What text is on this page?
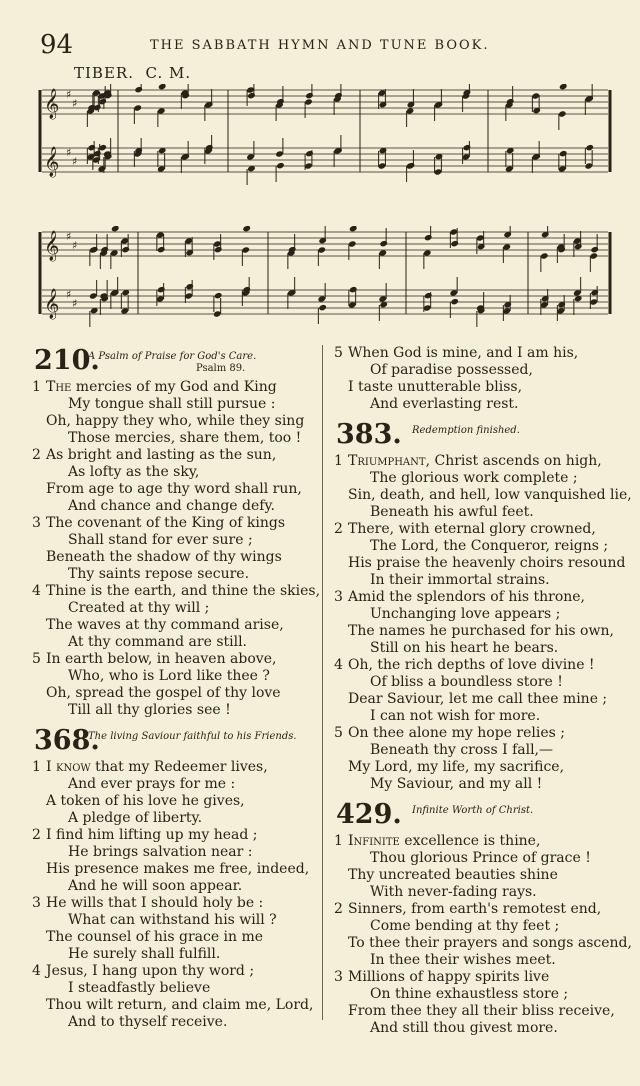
94	THE SABBATH HYMN AND TUNE BOOK.
TIBER. C. M.
𝄞 ♯
♯
𝄞 ♯
♯
𝄞 ♯
♯
𝄞 ♯
♯
210.
A Psalm of Praise for God's Care.
Psalm 89.
1 The mercies of my God and King
My tongue shall still pursue :
Oh, happy they who, while they sing
Those mercies, share them, too !
2 As bright and lasting as the sun,
As lofty as the sky,
From age to age thy word shall run,
And chance and change defy.
3 The covenant of the King of kings
Shall stand for ever sure ;
Beneath the shadow of thy wings
Thy saints repose secure.
4 Thine is the earth, and thine the skies,
Created at thy will ;
The waves at thy command arise,
At thy command are still.
5 In earth below, in heaven above,
Who, who is Lord like thee ?
Oh, spread the gospel of thy love
Till all thy glories see !
368.
The living Saviour faithful to his Friends.
1 I know that my Redeemer lives,
And ever prays for me :
A token of his love he gives,
A pledge of liberty.
2 I find him lifting up my head ;
He brings salvation near :
His presence makes me free, indeed,
And he will soon appear.
3 He wills that I should holy be :
What can withstand his will ?
The counsel of his grace in me
He surely shall fulfill.
4 Jesus, I hang upon thy word ;
I steadfastly believe
Thou wilt return, and claim me, Lord,
And to thyself receive.
5 When God is mine, and I am his,
Of paradise possessed,
I taste unutterable bliss,
And everlasting rest.
383. Redemption finished.
1 Triumphant, Christ ascends on high,
The glorious work complete ;
Sin, death, and hell, low vanquished lie,
Beneath his awful feet.
2 There, with eternal glory crowned,
The Lord, the Conqueror, reigns ;
His praise the heavenly choirs resound
In their immortal strains.
3 Amid the splendors of his throne,
Unchanging love appears ;
The names he purchased for his own,
Still on his heart he bears.
4 Oh, the rich depths of love divine !
Of bliss a boundless store !
Dear Saviour, let me call thee mine ;
I can not wish for more.
5 On thee alone my hope relies ;
Beneath thy cross I fall,—
My Lord, my life, my sacrifice,
My Saviour, and my all !
429. Infinite Worth of Christ.
1 Infinite excellence is thine,
Thou glorious Prince of grace !
Thy uncreated beauties shine
With never-fading rays.
2 Sinners, from earth's remotest end,
Come bending at thy feet ;
To thee their prayers and songs ascend,
In thee their wishes meet.
3 Millions of happy spirits live
On thine exhaustless store ;
From thee they all their bliss receive,
And still thou givest more.
